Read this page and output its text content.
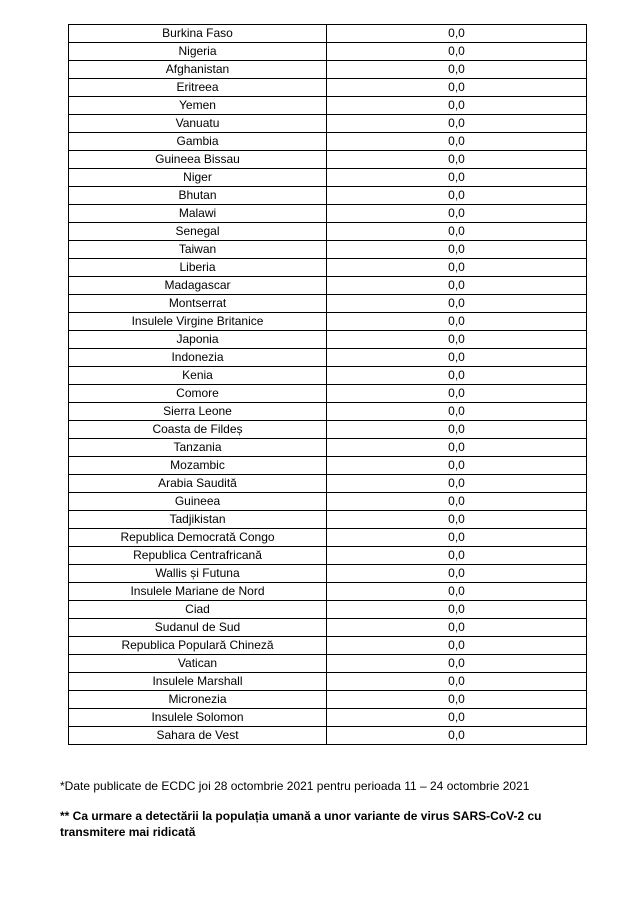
Burkina Faso	0,0
Nigeria	0,0
Afghanistan	0,0
Eritreea	0,0
Yemen	0,0
Vanuatu	0,0
Gambia	0,0
Guineea Bissau	0,0
Niger	0,0
Bhutan	0,0
Malawi	0,0
Senegal	0,0
Taiwan	0,0
Liberia	0,0
Madagascar	0,0
Montserrat	0,0
Insulele Virgine Britanice	0,0
Japonia	0,0
Indonezia	0,0
Kenia	0,0
Comore	0,0
Sierra Leone	0,0
Coasta de Fildeș	0,0
Tanzania	0,0
Mozambic	0,0
Arabia Saudită	0,0
Guineea	0,0
Tadjikistan	0,0
Republica Democrată Congo	0,0
Republica Centrafricană	0,0
Wallis și Futuna	0,0
Insulele Mariane de Nord	0,0
Ciad	0,0
Sudanul de Sud	0,0
Republica Populară Chineză	0,0
Vatican	0,0
Insulele Marshall	0,0
Micronezia	0,0
Insulele Solomon	0,0
Sahara de Vest	0,0
*Date publicate de ECDC joi 28 octombrie 2021 pentru perioada 11 – 24 octombrie 2021
** Ca urmare a detectării la populația umană a unor variante de virus SARS-CoV-2 cu transmitere mai ridicată
